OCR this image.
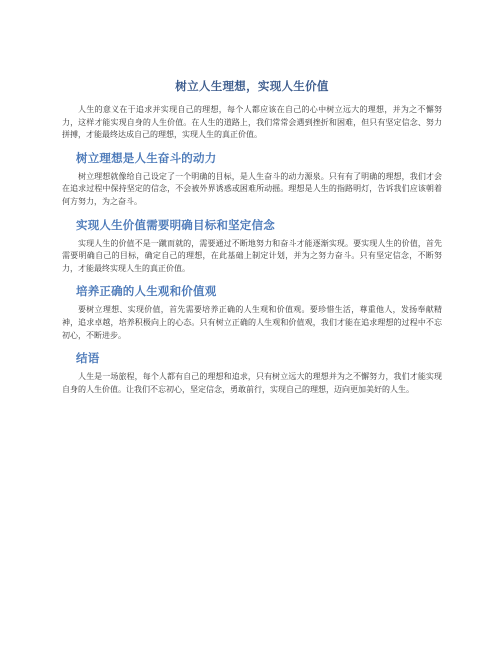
树立人生理想，实现人生价值

人生的意义在于追求并实现自己的理想，每个人都应该在自己的心中树立远大的理想，并为之不懈努力，这样才能实现自身的人生价值。在人生的道路上，我们常常会遇到挫折和困难，但只有坚定信念、努力拼搏，才能最终达成自己的理想，实现人生的真正价值。

树立理想是人生奋斗的动力

树立理想就像给自己设定了一个明确的目标，是人生奋斗的动力源泉。只有有了明确的理想，我们才会在追求过程中保持坚定的信念，不会被外界诱惑或困难所动摇。理想是人生的指路明灯，告诉我们应该朝着何方努力，为之奋斗。

实现人生价值需要明确目标和坚定信念

实现人生的价值不是一蹴而就的，需要通过不断地努力和奋斗才能逐渐实现。要实现人生的价值，首先需要明确自己的目标，确定自己的理想，在此基础上制定计划，并为之努力奋斗。只有坚定信念，不断努力，才能最终实现人生的真正价值。

培养正确的人生观和价值观

要树立理想、实现价值，首先需要培养正确的人生观和价值观。要珍惜生活，尊重他人，发扬奉献精神，追求卓越，培养积极向上的心态。只有树立正确的人生观和价值观，我们才能在追求理想的过程中不忘初心，不断进步。

结语

人生是一场旅程，每个人都有自己的理想和追求，只有树立远大的理想并为之不懈努力，我们才能实现自身的人生价值。让我们不忘初心，坚定信念，勇敢前行，实现自己的理想，迈向更加美好的人生。
